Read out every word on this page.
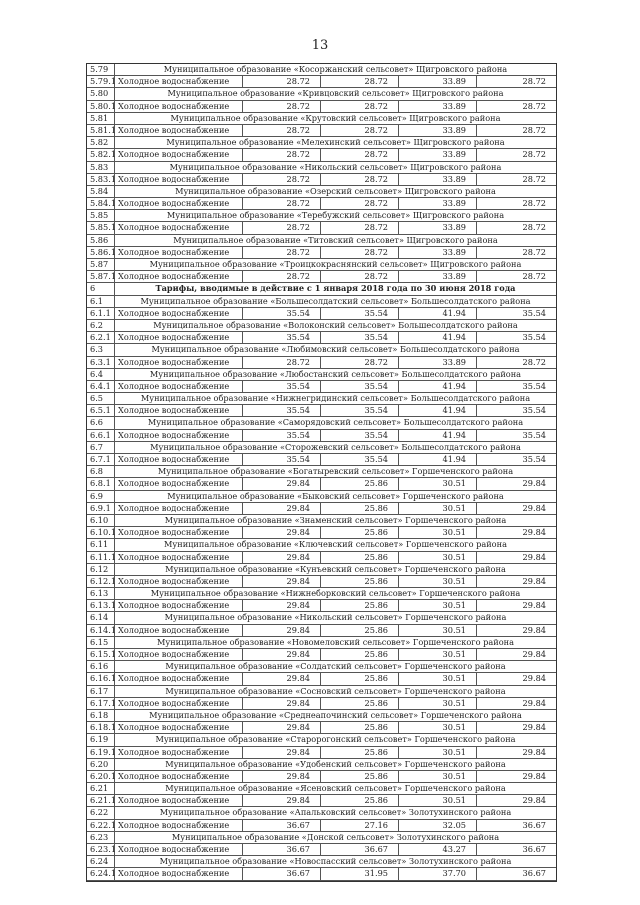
13
5.79	Муниципальное образование «Косоржанский сельсовет» Щигровского района
5.79.1 Холодное водоснабжение	28.72	28.72	33.89	28.72
5.80	Муниципальное образование «Кривцовский сельсовет» Щигровского района
5.80.1 Холодное водоснабжение	28.72	28.72	33.89	28.72
5.81	Муниципальное образование «Крутовский сельсовет» Щигровского района
5.81.1 Холодное водоснабжение	28.72	28.72	33.89	28.72
5.82	Муниципальное образование «Мелехинский сельсовет» Щигровского района
5.82.1 Холодное водоснабжение	28.72	28.72	33.89	28.72
5.83	Муниципальное образование «Никольский сельсовет» Щигровского района
5.83.1 Холодное водоснабжение	28.72	28.72	33.89	28.72
5.84	Муниципальное образование «Озерский сельсовет» Щигровского района
5.84.1 Холодное водоснабжение	28.72	28.72	33.89	28.72
5.85	Муниципальное образование «Теребужский сельсовет» Щигровского района
5.85.1 Холодное водоснабжение	28.72	28.72	33.89	28.72
5.86	Муниципальное образование «Титовский сельсовет» Щигровского района
5.86.1 Холодное водоснабжение	28.72	28.72	33.89	28.72
5.87	Муниципальное образование «Троицкокраснянский сельсовет» Щигровского района
5.87.1 Холодное водоснабжение	28.72	28.72	33.89	28.72
6	Тарифы, вводимые в действие с 1 января 2018 года по 30 июня 2018 года
6.1	Муниципальное образование «Большесолдатский сельсовет» Большесолдатского района
6.1.1 Холодное водоснабжение	35.54	35.54	41.94	35.54
6.2	Муниципальное образование «Волоконский сельсовет» Большесолдатского района
6.2.1 Холодное водоснабжение	35.54	35.54	41.94	35.54
6.3	Муниципальное образование «Любимовский сельсовет» Большесолдатского района
6.3.1 Холодное водоснабжение	28.72	28.72	33.89	28.72
6.4	Муниципальное образование «Любостанский сельсовет» Большесолдатского района
6.4.1 Холодное водоснабжение	35.54	35.54	41.94	35.54
6.5	Муниципальное образование «Нижнегридинский сельсовет» Большесолдатского района
6.5.1 Холодное водоснабжение	35.54	35.54	41.94	35.54
6.6	Муниципальное образование «Саморядовский сельсовет» Большесолдатского района
6.6.1 Холодное водоснабжение	35.54	35.54	41.94	35.54
6.7	Муниципальное образование «Сторожевский сельсовет» Большесолдатского района
6.7.1 Холодное водоснабжение	35.54	35.54	41.94	35.54
6.8	Муниципальное образование «Богатыревский сельсовет» Горшеченского района
6.8.1 Холодное водоснабжение	29.84	25.86	30.51	29.84
6.9	Муниципальное образование «Быковский сельсовет» Горшеченского района
6.9.1 Холодное водоснабжение	29.84	25.86	30.51	29.84
6.10	Муниципальное образование «Знаменский сельсовет» Горшеченского района
6.10.1 Холодное водоснабжение	29.84	25.86	30.51	29.84
6.11	Муниципальное образование «Ключевский сельсовет» Горшеченского района
6.11.1 Холодное водоснабжение	29.84	25.86	30.51	29.84
6.12	Муниципальное образование «Кунъевский сельсовет» Горшеченского района
6.12.1 Холодное водоснабжение	29.84	25.86	30.51	29.84
6.13	Муниципальное образование «Нижнеборковский сельсовет» Горшеченского района
6.13.1 Холодное водоснабжение	29.84	25.86	30.51	29.84
6.14	Муниципальное образование «Никольский сельсовет» Горшеченского района
6.14.1 Холодное водоснабжение	29.84	25.86	30.51	29.84
6.15	Муниципальное образование «Новомеловский сельсовет» Горшеченского района
6.15.1 Холодное водоснабжение	29.84	25.86	30.51	29.84
6.16	Муниципальное образование «Солдатский сельсовет» Горшеченского района
6.16.1 Холодное водоснабжение	29.84	25.86	30.51	29.84
6.17	Муниципальное образование «Сосновский сельсовет» Горшеченского района
6.17.1 Холодное водоснабжение	29.84	25.86	30.51	29.84
6.18	Муниципальное образование «Среднеапочинский сельсовет» Горшеченского района
6.18.1 Холодное водоснабжение	29.84	25.86	30.51	29.84
6.19	Муниципальное образование «Старорогонский сельсовет» Горшеченского района
6.19.1 Холодное водоснабжение	29.84	25.86	30.51	29.84
6.20	Муниципальное образование «Удобенский сельсовет» Горшеченского района
6.20.1 Холодное водоснабжение	29.84	25.86	30.51	29.84
6.21	Муниципальное образование «Ясеновский сельсовет» Горшеченского района
6.21.1 Холодное водоснабжение	29.84	25.86	30.51	29.84
6.22	Муниципальное образование «Апальковский сельсовет» Золотухинского района
6.22.1 Холодное водоснабжение	36.67	27.16	32.05	36.67
6.23	Муниципальное образование «Донской сельсовет» Золотухинского района
6.23.1 Холодное водоснабжение	36.67	36.67	43.27	36.67
6.24	Муниципальное образование «Новоспасский сельсовет» Золотухинского района
6.24.1 Холодное водоснабжение	36.67	31.95	37.70	36.67
